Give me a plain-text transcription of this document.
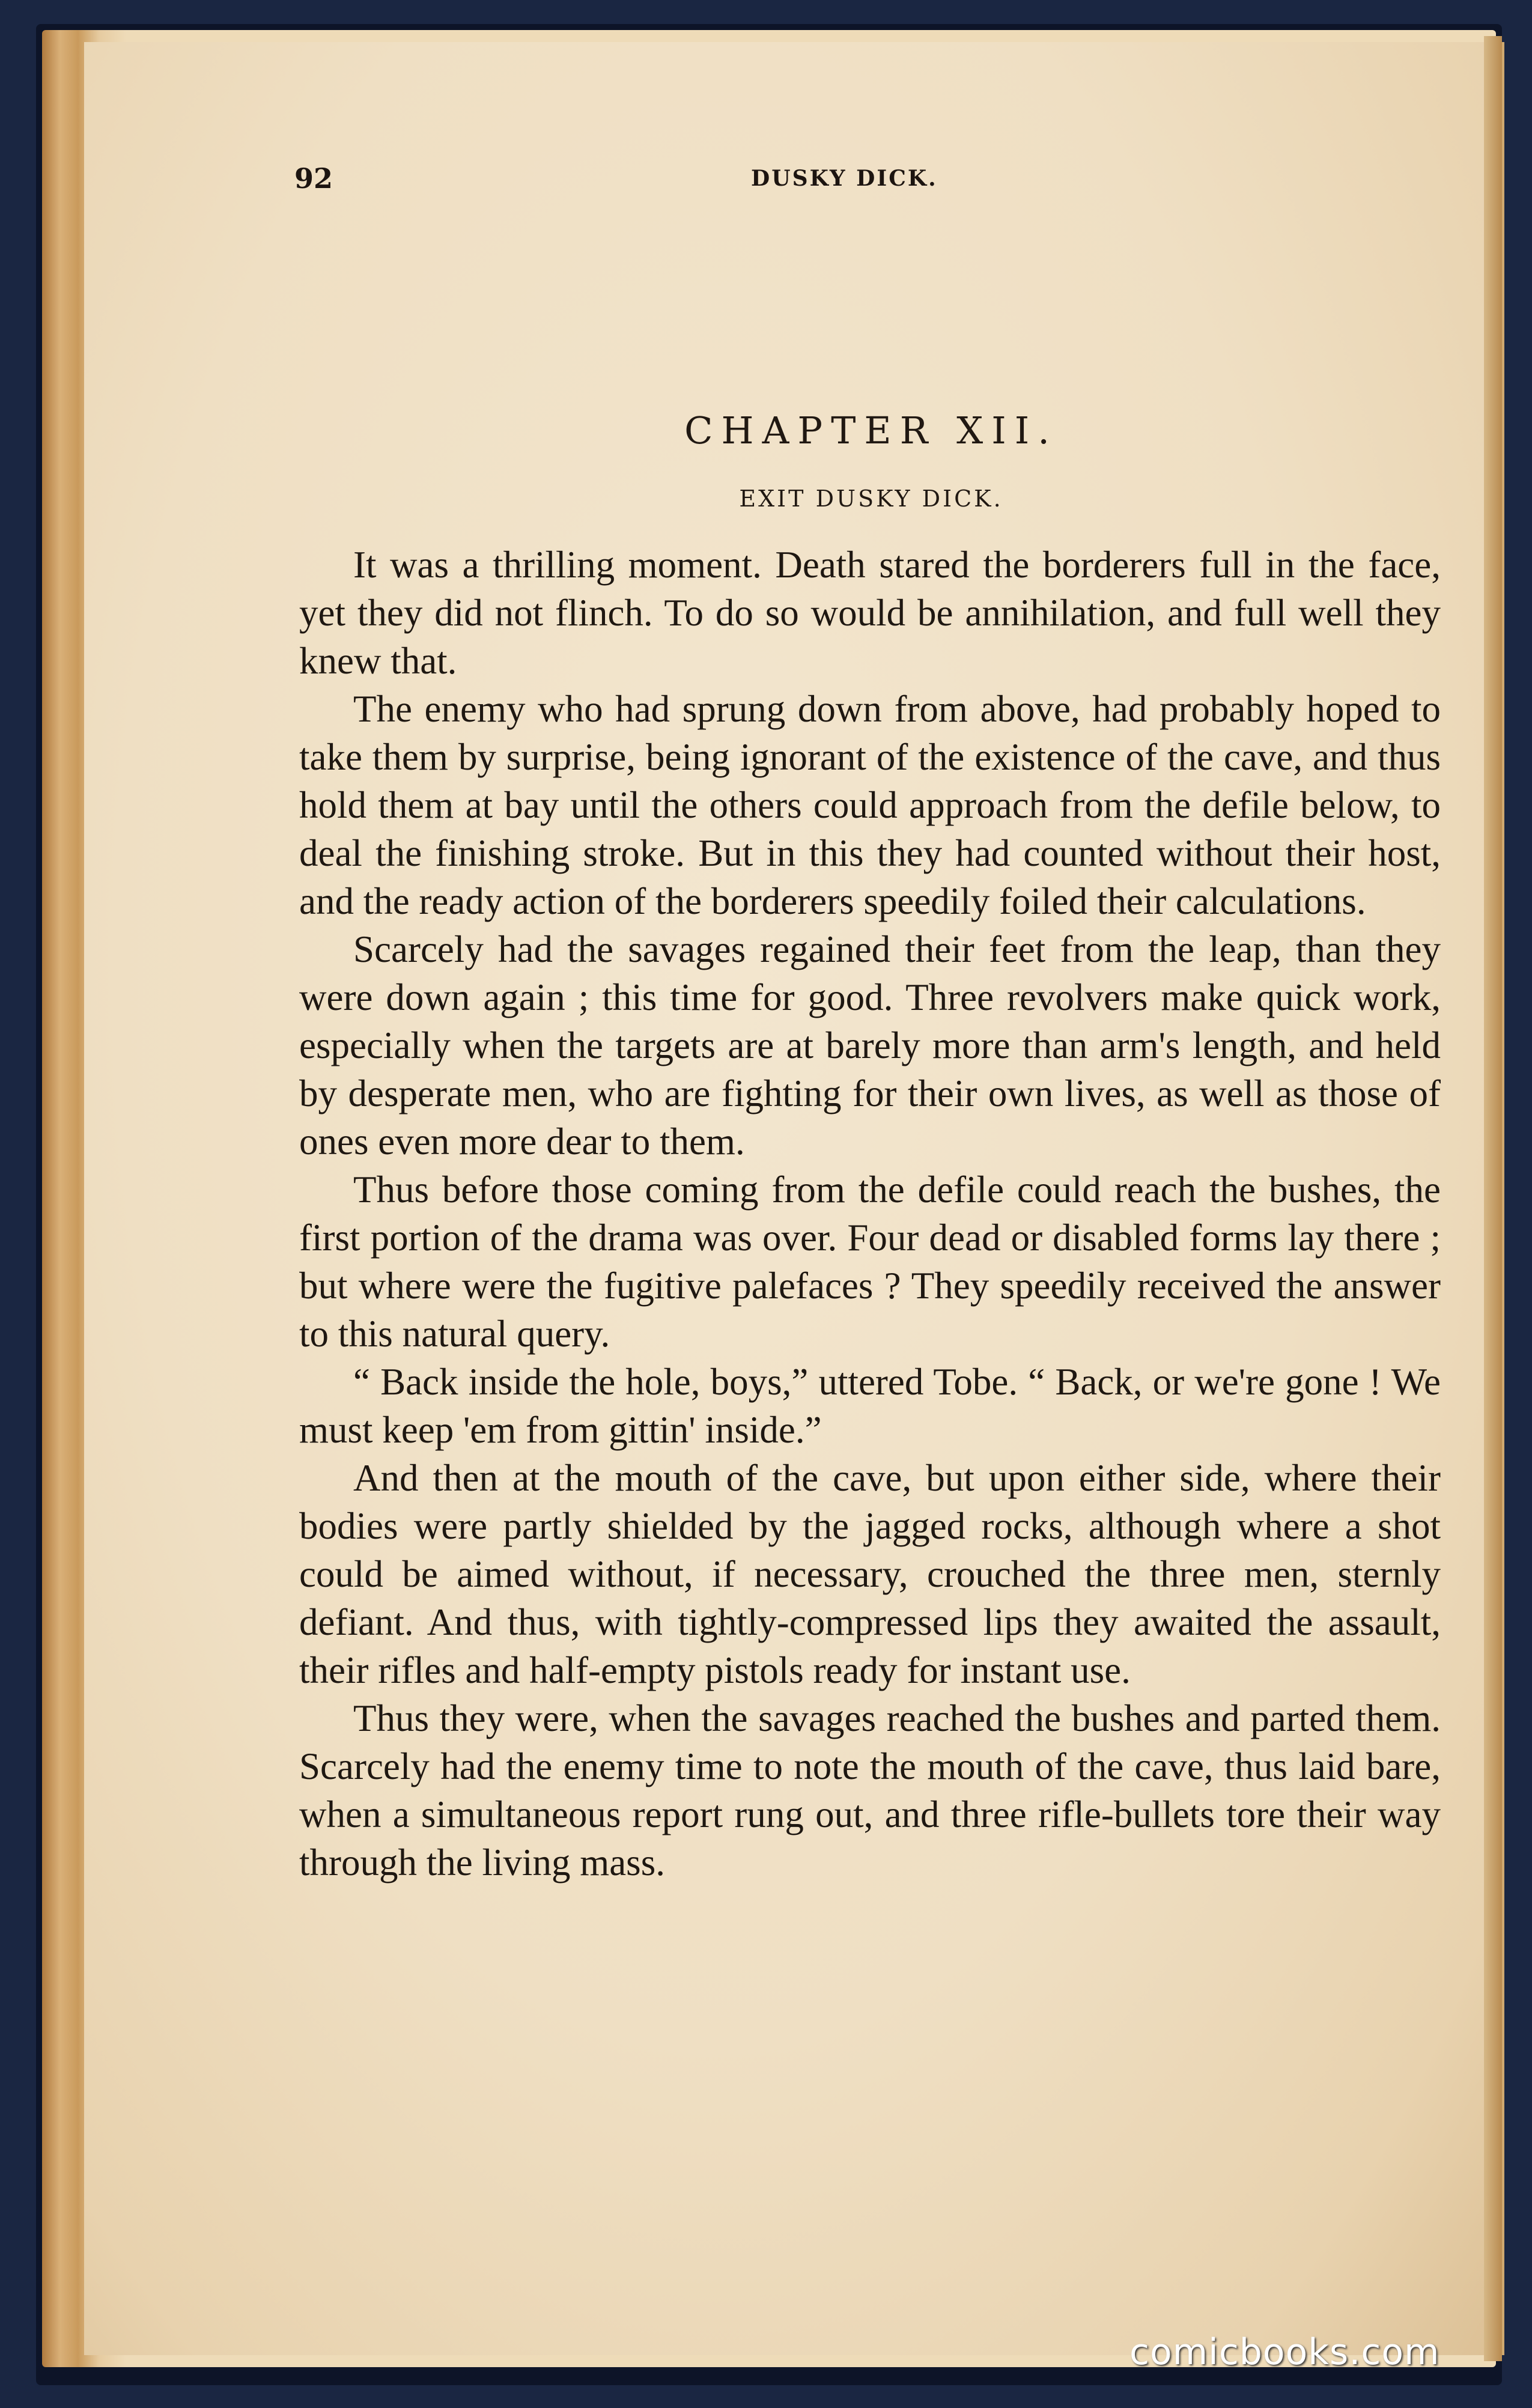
92	DUSKY DICK.
CHAPTER XII.
EXIT DUSKY DICK.

It was a thrilling moment. Death stared the borderers full in the face, yet they did not flinch. To do so would be annihilation, and full well they knew that.

The enemy who had sprung down from above, had probably hoped to take them by surprise, being ignorant of the existence of the cave, and thus hold them at bay until the others could approach from the defile below, to deal the finishing stroke. But in this they had counted without their host, and the ready action of the borderers speedily foiled their calculations.

Scarcely had the savages regained their feet from the leap, than they were down again ; this time for good. Three revolvers make quick work, especially when the targets are at barely more than arm's length, and held by desperate men, who are fighting for their own lives, as well as those of ones even more dear to them.

Thus before those coming from the defile could reach the bushes, the first portion of the drama was over. Four dead or disabled forms lay there ; but where were the fugitive palefaces ? They speedily received the answer to this natural query.

“ Back inside the hole, boys,” uttered Tobe. “ Back, or we're gone ! We must keep 'em from gittin' inside.”

And then at the mouth of the cave, but upon either side, where their bodies were partly shielded by the jagged rocks, although where a shot could be aimed without, if necessary, crouched the three men, sternly defiant. And thus, with tightly-compressed lips they awaited the assault, their rifles and half-empty pistols ready for instant use.

Thus they were, when the savages reached the bushes and parted them. Scarcely had the enemy time to note the mouth of the cave, thus laid bare, when a simultaneous report rung out, and three rifle-bullets tore their way through the living mass.

comicbooks.com
